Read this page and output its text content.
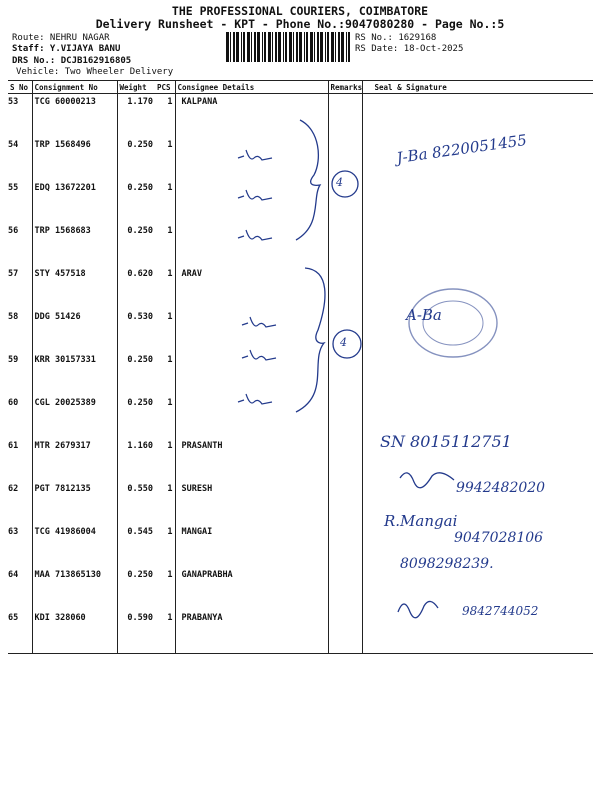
THE PROFESSIONAL COURIERS, COIMBATORE
Delivery Runsheet - KPT - Phone No.:9047080280 - Page No.:5
Route: NEHRU NAGAR
Staff: Y.VIJAYA BANU
DRS No.: DCJB162916805
Vehicle: Two Wheeler Delivery
RS No.: 1629168
RS Date: 18-Oct-2025
S No	Consignment No	Weight	PCS	Consignee Details	Remarks	Seal & Signature
53	TCG 60000213	1.170	1	KALPANA		
54	TRP 1568496	0.250	1			
55	EDQ 13672201	0.250	1			
56	TRP 1568683	0.250	1			
57	STY 457518	0.620	1	ARAV		
58	DDG 51426	0.530	1			
59	KRR 30157331	0.250	1			
60	CGL 20025389	0.250	1			
61	MTR 2679317	1.160	1	PRASANTH		
62	PGT 7812135	0.550	1	SURESH		
63	TCG 41986004	0.545	1	MANGAI		
64	MAA 713865130	0.250	1	GANAPRABHA		
65	KDI 328060	0.590	1	PRABANYA		
4
4
J-Ba 8220051455
A-Ba
SN 8015112751
9942482020
R.Mangai
9047028106
8098298239.
9842744052
